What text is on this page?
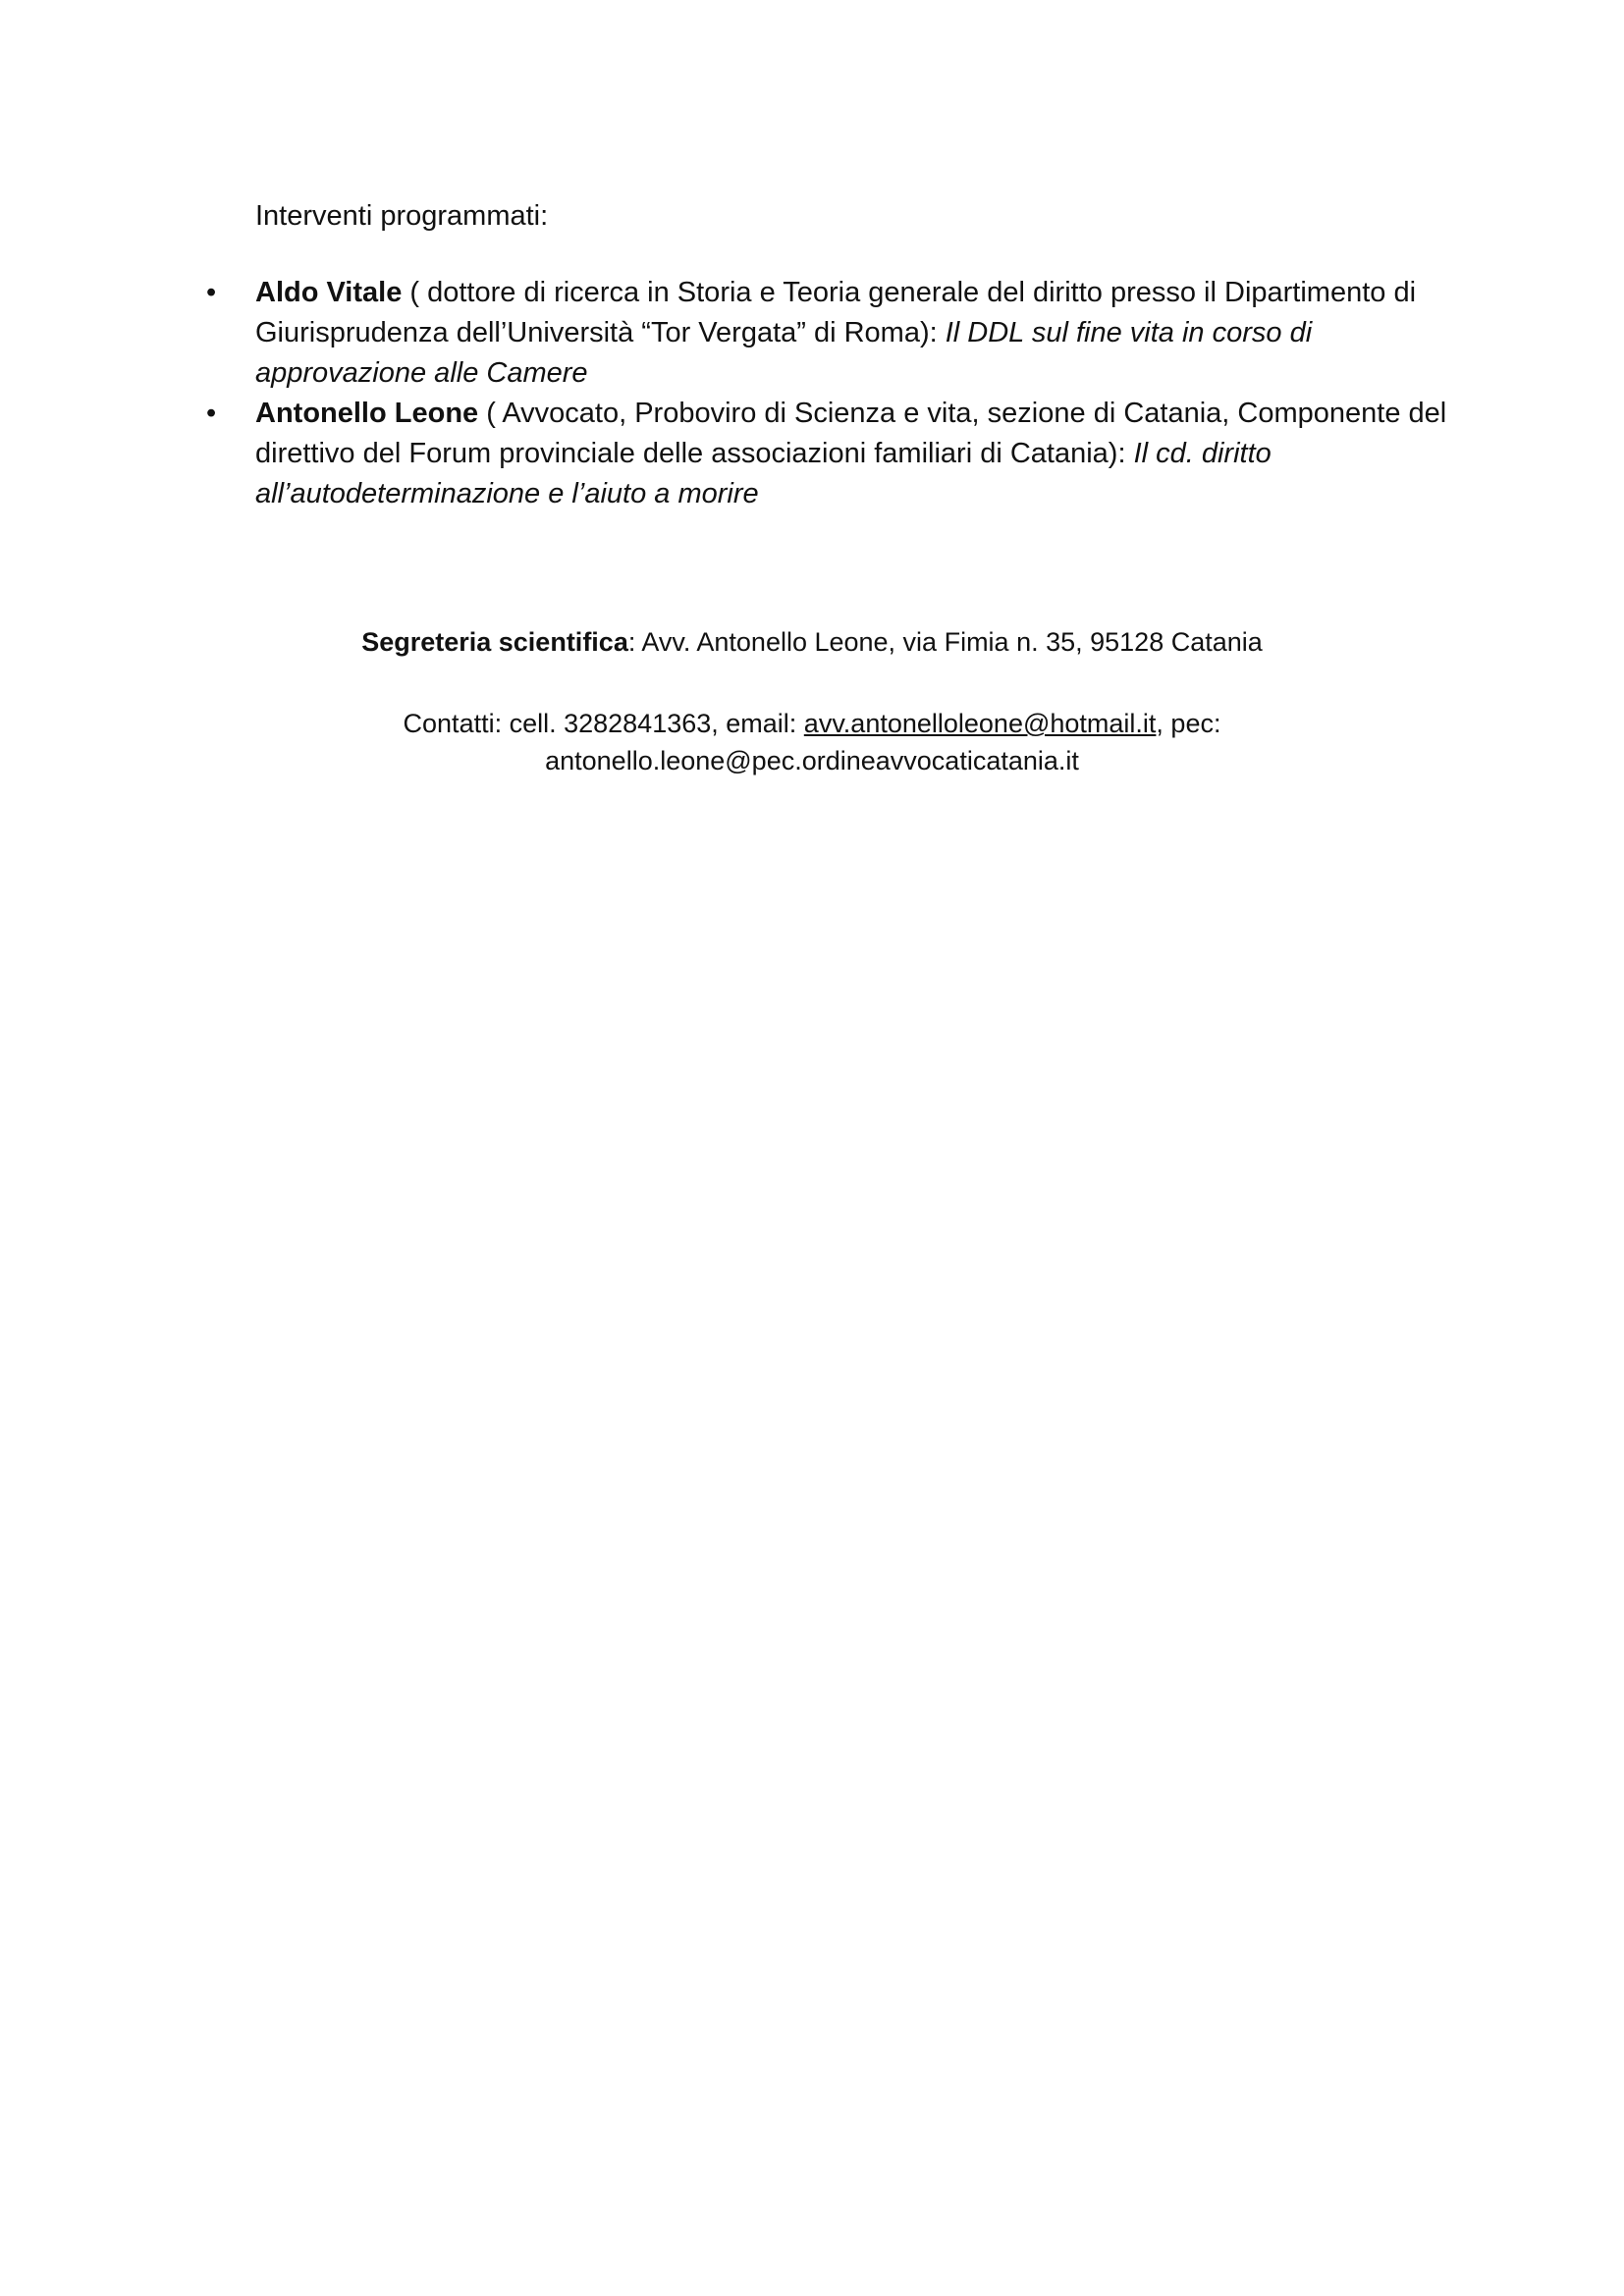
Interventi programmati:

• Aldo Vitale ( dottore di ricerca in Storia e Teoria generale del diritto presso il Dipartimento di Giurisprudenza dell’Università “Tor Vergata” di Roma): Il DDL sul fine vita in corso di approvazione alle Camere
• Antonello Leone ( Avvocato, Proboviro di Scienza e vita, sezione di Catania, Componente del direttivo del Forum provinciale delle associazioni familiari di Catania): Il cd. diritto all’autodeterminazione e l’aiuto a morire

Segreteria scientifica: Avv. Antonello Leone, via Fimia n. 35, 95128 Catania

Contatti: cell. 3282841363, email: avv.antonelloleone@hotmail.it, pec:
antonello.leone@pec.ordineavvocaticatania.it
